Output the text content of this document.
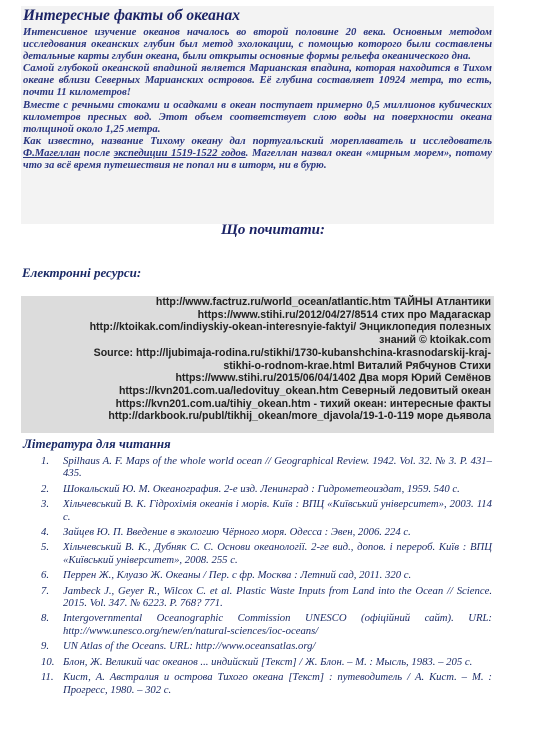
Интересные факты об океанах

Интенсивное изучение океанов началось во второй половине 20 века. Основным методом исследования океанских глубин был метод эхолокации, с помощью которого были составлены детальные карты глубин океана, были открыты основные формы рельефа океанического дна.

Самой глубокой океанской впадиной является Марианская впадина, которая находится в Тихом океане вблизи Северных Марианских островов. Её глубина составляет 10924 метра, то есть, почти 11 километров!

Вместе с речными стоками и осадками в океан поступает примерно 0,5 миллионов кубических километров пресных вод. Этот объем соответствует слою воды на поверхности океана толщиной около 1,25 метра.

Как известно, название Тихому океану дал португальский мореплаватель и исследователь Ф.Магеллан после экспедиции 1519-1522 годов. Магеллан назвал океан «мирным морем», потому что за всё время путешествия не попал ни в шторм, ни в бурю.

Що почитати:
Електронні ресурси:
http://www.factruz.ru/world_ocean/atlantic.htm ТАЙНЫ Атлантики
https://www.stihi.ru/2012/04/27/8514 стих про Мадагаскар
http://ktoikak.com/indiyskiy-okean-interesnyie-faktyi/ Энциклопедия полезных
знаний © ktoikak.com
Source: http://ljubimaja-rodina.ru/stikhi/1730-kubanshchina-krasnodarskij-kraj-
stikhi-o-rodnom-krae.html Виталий Рябчунов Стихи
https://www.stihi.ru/2015/06/04/1402 Два моря Юрий Семёнов
https://kvn201.com.ua/ledovituy_okean.htm Северный ледовитый океан
https://kvn201.com.ua/tihiy_okean.htm - тихий океан: интересные факты
http://darkbook.ru/publ/tikhij_okean/more_djavola/19-1-0-119 море дьявола
Література для читання
1.	Spilhaus A. F. Maps of the whole world ocean // Geographical Review. 1942. Vol. 32. № 3. P. 431–435.
2.	Шокальский Ю. М. Океанография. 2-е изд. Ленинград : Гидрометеоиздат, 1959. 540 с.
3.	Хільчевський В. К. Гідрохімія океанів і морів. Київ : ВПЦ «Київський університет», 2003. 114 с.
4.	Зайцев Ю. П. Введение в экологию Чёрного моря. Одесса : Эвен, 2006. 224 с.
5.	Хільчевський В. К., Дубняк С. С. Основи океанології. 2-ге вид., допов. і перероб. Київ : ВПЦ «Київський університет», 2008. 255 с.
6.	Перрен Ж., Клуазо Ж. Океаны / Пер. с фр. Москва : Летний сад, 2011. 320 с.
7.	Jambeck J., Geyer R., Wilcox C. et al. Plastic Waste Inputs from Land into the Ocean // Science. 2015. Vol. 347. № 6223. P. 768? 771.
8.	Intergovernmental Oceanographic Commission UNESCO (офіційний сайт). URL: http://www.unesco.org/new/en/natural-sciences/ioc-oceans/
9.	UN Atlas of the Oceans. URL: http://www.oceansatlas.org/
10. Блон, Ж. Великий час океанов ... индийский [Текст] / Ж. Блон. – М. : Мысль, 1983. – 205 с.
11. Кист, А. Австралия и острова Тихого океана [Текст] : путеводитель / А. Кист. – М. : Прогресс, 1980. – 302 с.
